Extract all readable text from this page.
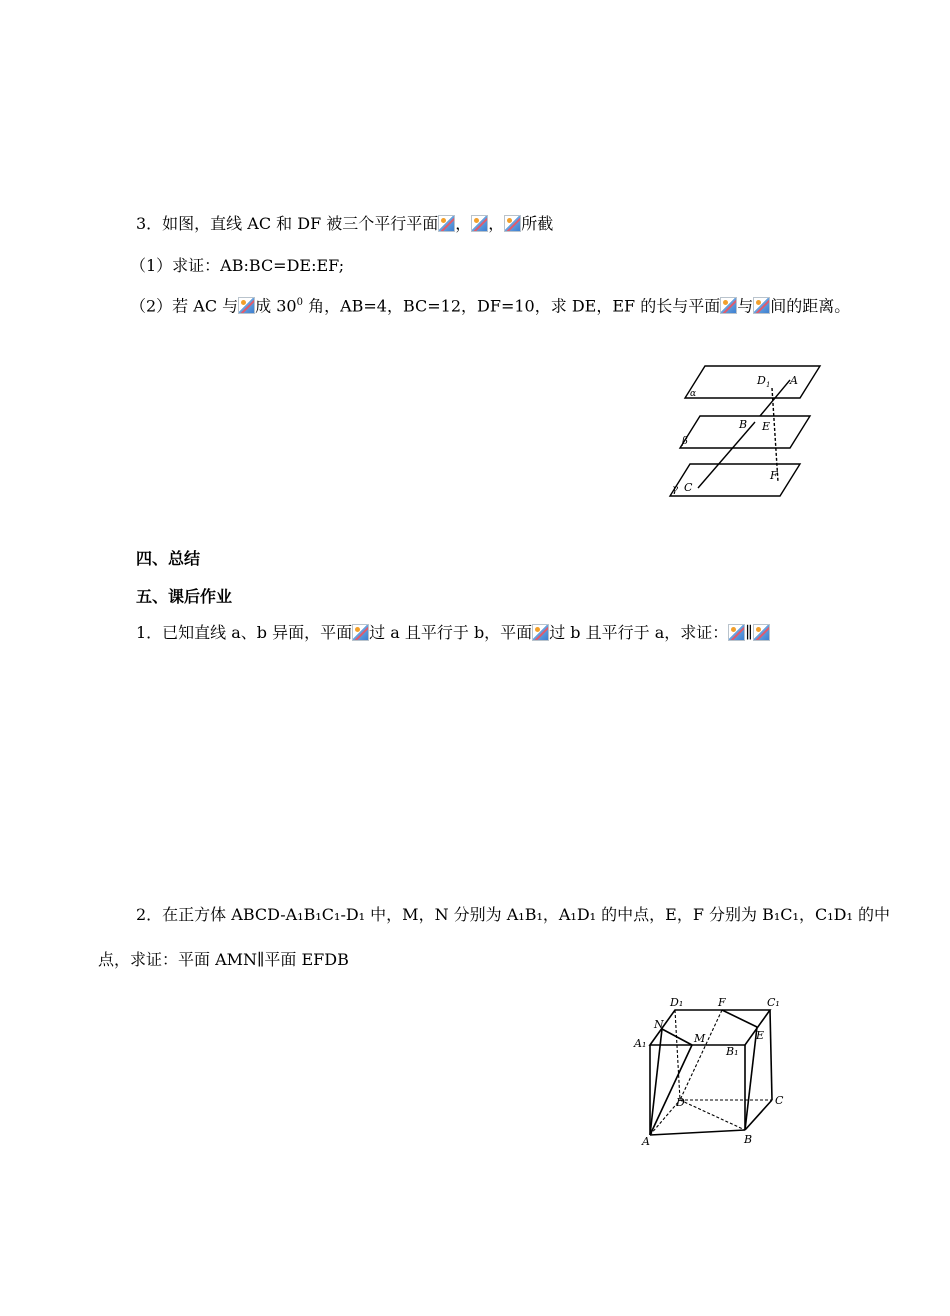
3．如图，直线 AC 和 DF 被三个平行平面 ， ， 所截
（1）求证：AB:BC=DE:EF;
（2）若 AC 与 成 $30^0$ 角，AB=4，BC=12，DF=10，求 DE，EF 的长与平面 与 间的距离。
D 1 A
α
B E
β
C
F
γ
四、总结
五、课后作业
1．已知直线 a、b 异面，平面 过 a 且平行于 b，平面 过 b 且平行于 a，求证： ∥
2．在正方体 ABCD-A₁B₁C₁-D₁ 中，M，N 分别为 A₁B₁，A₁D₁ 的中点，E，F 分别为 B₁C₁，C₁D₁ 的中
点，求证：平面 AMN∥平面 EFDB
D₁	F	C₁
N
M
A₁
B₁
E
D	C
A	B
